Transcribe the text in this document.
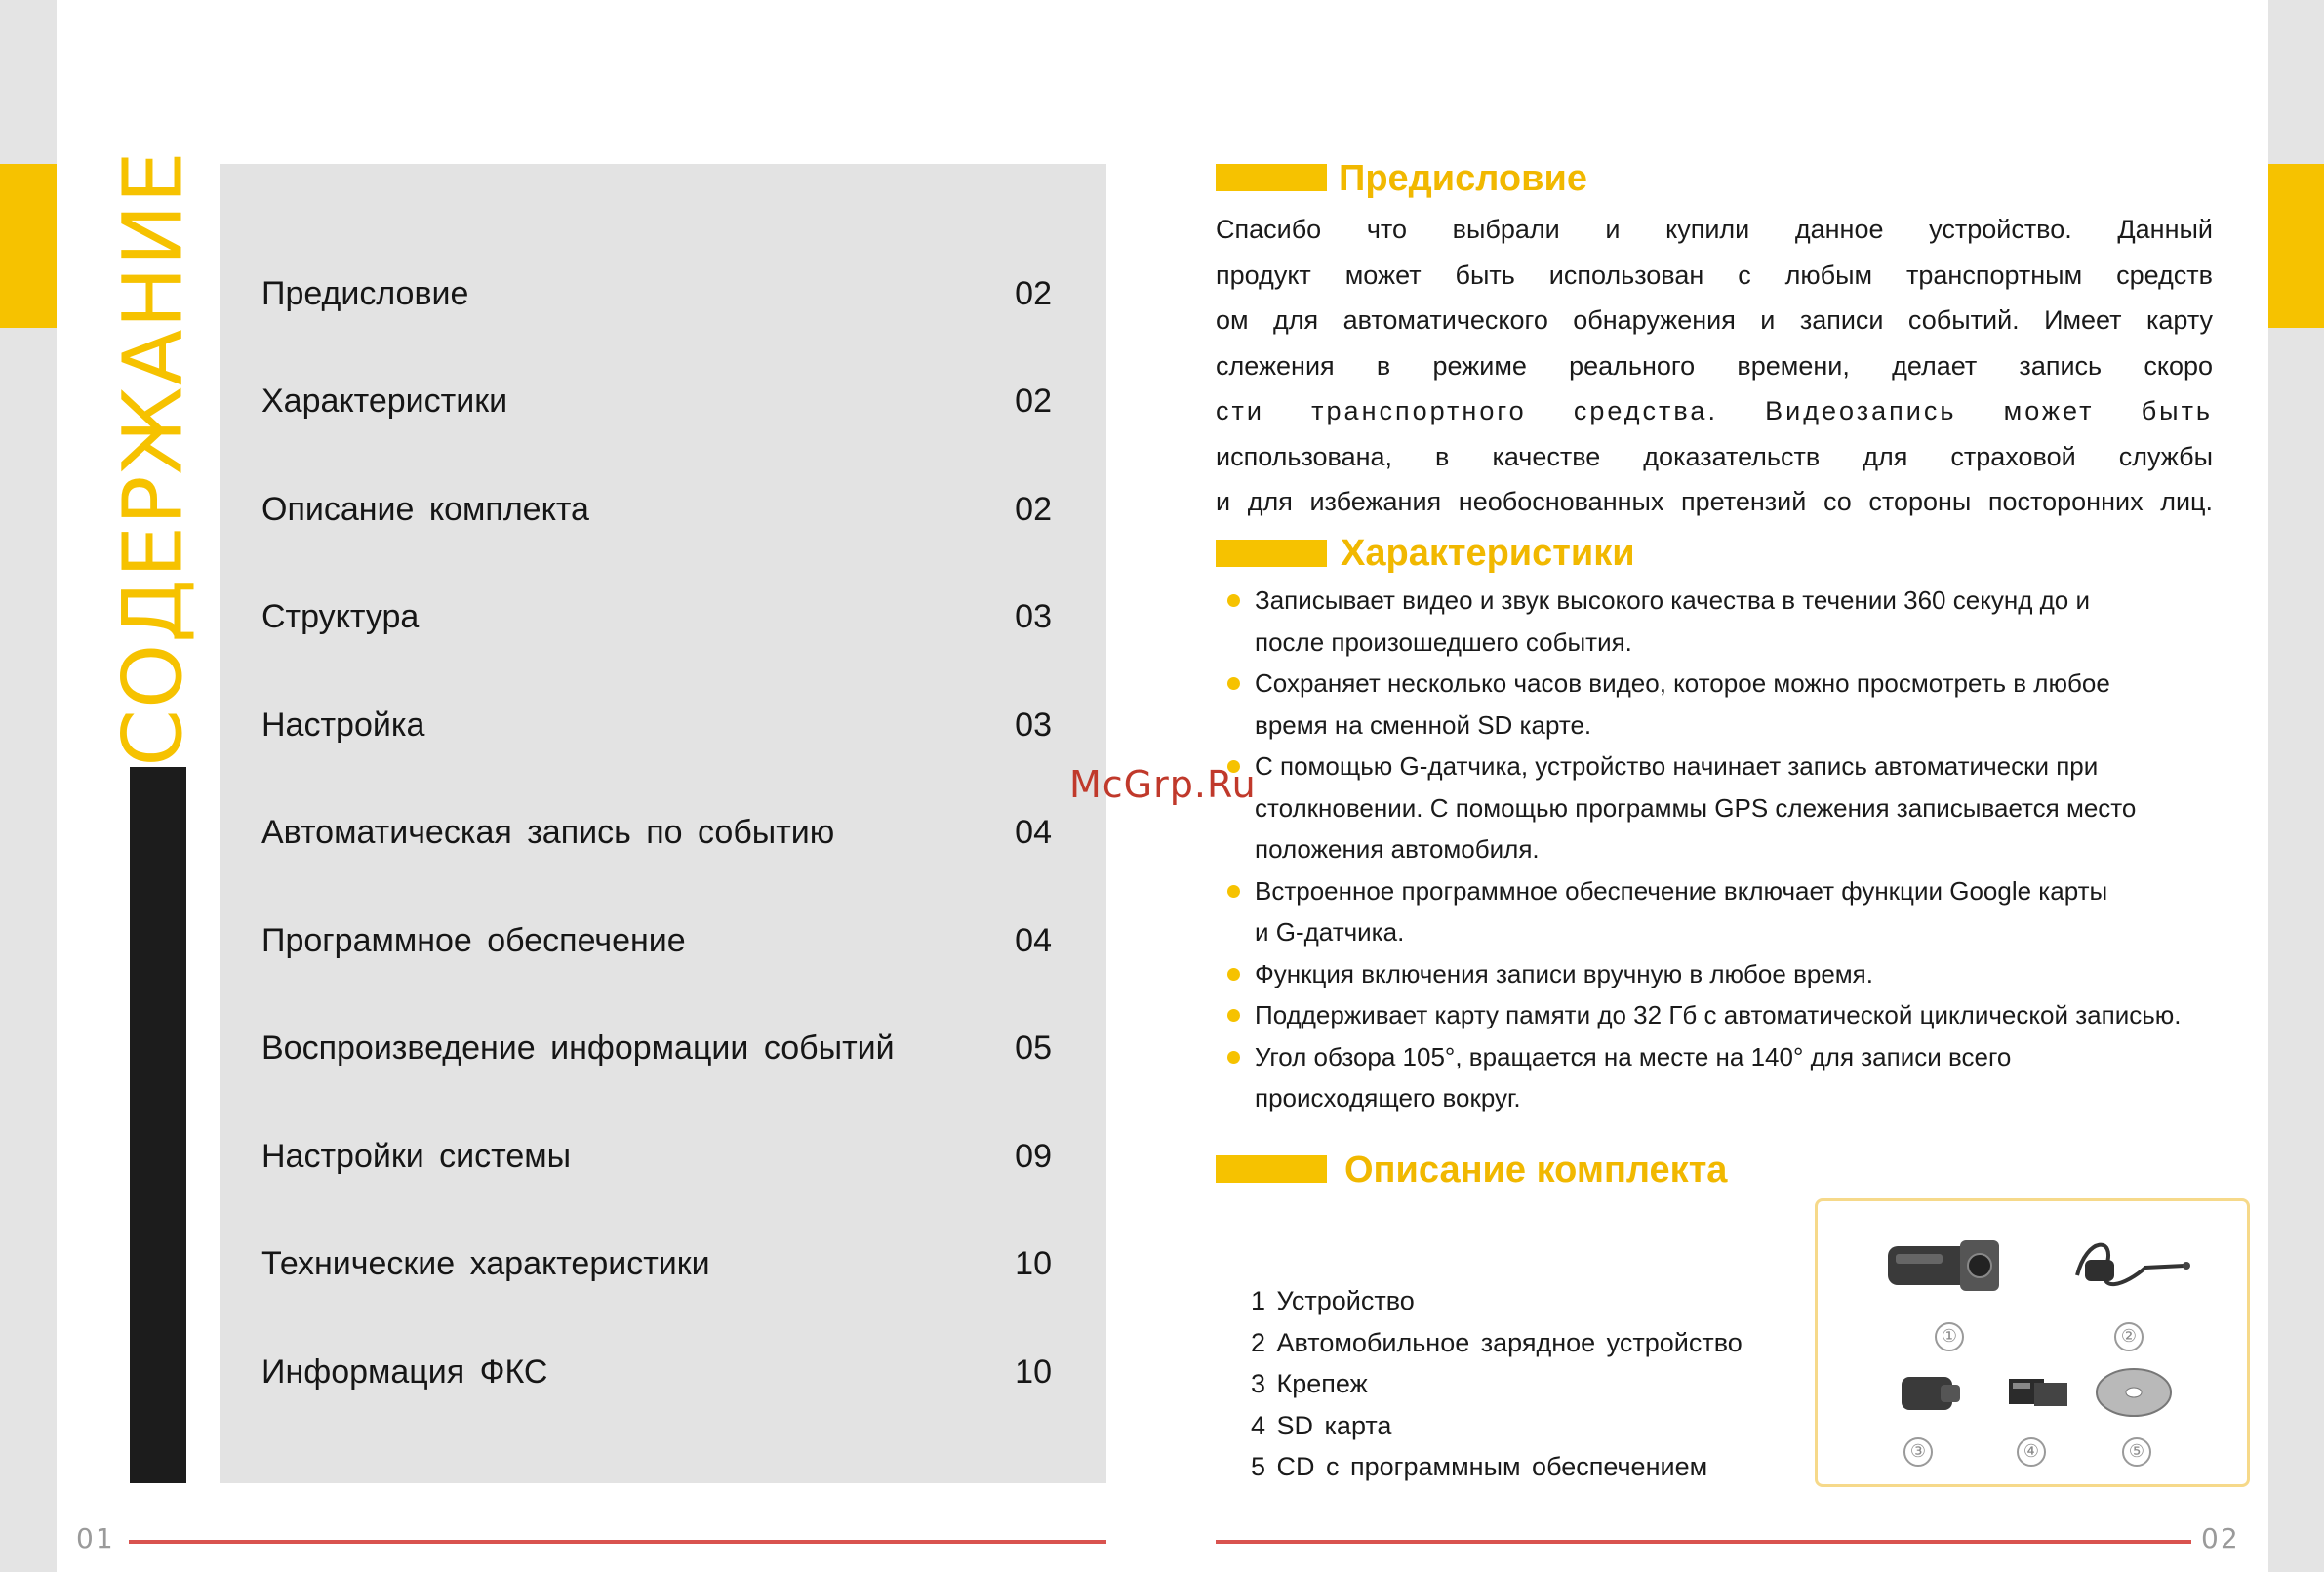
СОДЕРЖАНИЕ Предисловие	02
Характеристики	02
Описание комплекта	02
Структура	03
Настройка	03
Автоматическая запись по событию	04
Программное обеспечение	04
Воспроизведение информации событий	05
Настройки системы	09
Технические характеристики	10
Информация ФКС	10
01
Предисловие
Спасибо что выбрали и купили данное устройство. Данный
продукт может быть использован с любым транспортным средств
ом для автоматического обнаружения и записи событий. Имеет карту
слежения в режиме реального времени, делает запись скоро
сти транспортного средства. Видеозапись может быть
использована, в качестве доказательств для страховой службы
и для избежания необоснованных претензий со стороны посторонних лиц.
Характеристики
Записывает видео и звук высокого качества в течении 360 секунд до и
после произошедшего события.
Сохраняет несколько часов видео, которое можно просмотреть в любое
время на сменной SD карте.
С помощью G-датчика, устройство начинает запись автоматически при
столкновении. С помощью программы GPS слежения записывается место
положения автомобиля.
Встроенное программное обеспечение включает функции Google карты
и G-датчика.
Функция включения записи вручную в любое время.
Поддерживает карту памяти до 32 Гб с автоматической циклической записью.
Угол обзора 105°, вращается на месте на 140° для записи всего
происходящего вокруг.
McGrp.Ru
Описание комплекта
1 Устройство
2 Автомобильное зарядное устройство
3 Крепеж
4 SD карта
5 CD с программным обеспечением
①	②
③	④	⑤
02
